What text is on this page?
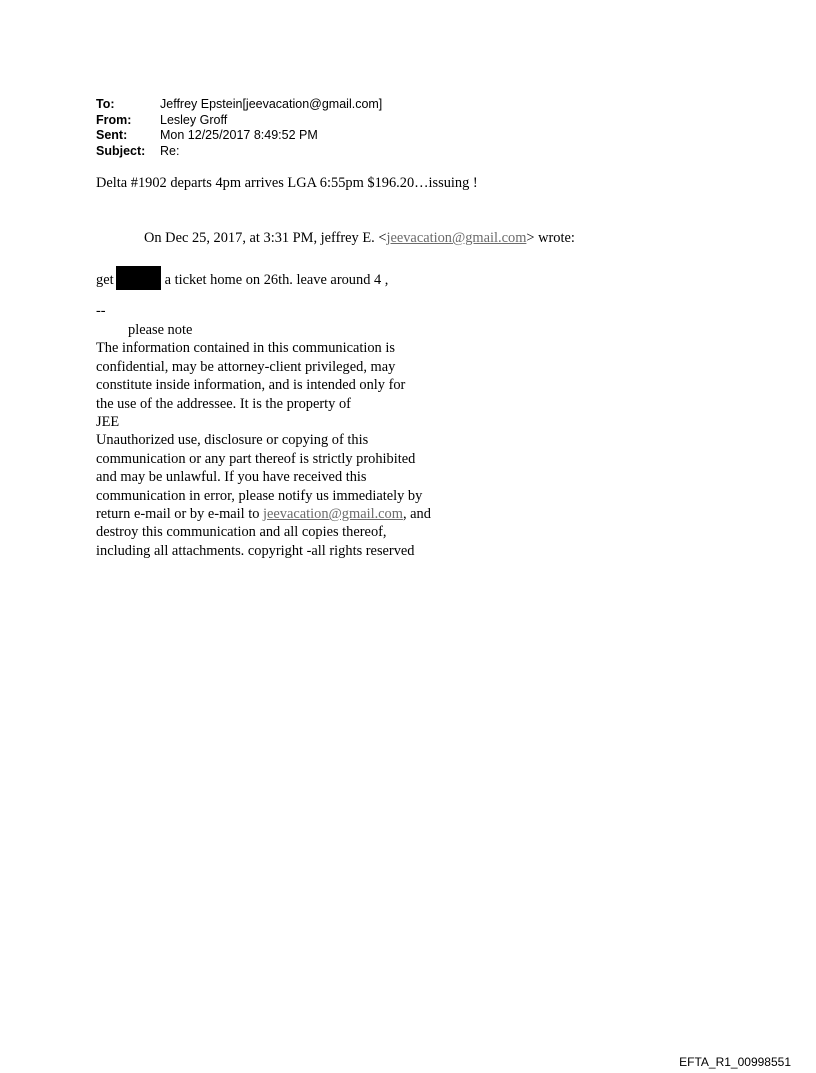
To:	Jeffrey Epstein[jeevacation@gmail.com]
From:	Lesley Groff
Sent:	Mon 12/25/2017 8:49:52 PM
Subject:	Re:
Delta #1902 departs 4pm arrives LGA 6:55pm $196.20…issuing !
On Dec 25, 2017, at 3:31 PM, jeffrey E. <jeevacation@gmail.com> wrote:
get	a ticket home on 26th. leave around 4 ,
--
please note
The information contained in this communication is
confidential, may be attorney-client privileged, may
constitute inside information, and is intended only for
the use of the addressee. It is the property of
JEE
Unauthorized use, disclosure or copying of this
communication or any part thereof is strictly prohibited
and may be unlawful. If you have received this
communication in error, please notify us immediately by
return e-mail or by e-mail to jeevacation@gmail.com, and
destroy this communication and all copies thereof,
including all attachments. copyright -all rights reserved
EFTA_R1_00998551
